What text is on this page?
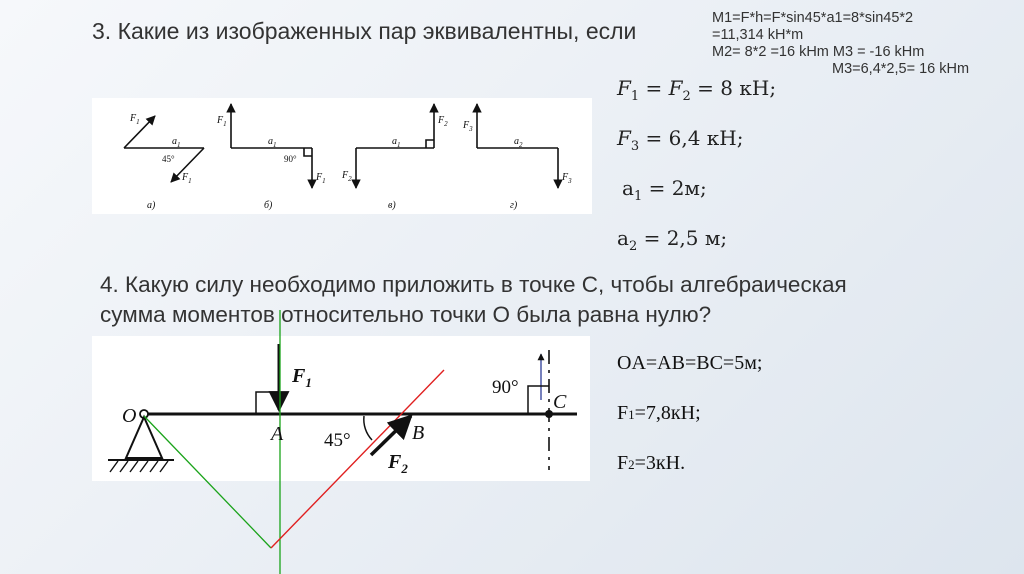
3. Какие из изображенных пар эквивалентны, если	М1=F*h=F*sin45*a1=8*sin45*2
=11,314 kH*m
M2= 8*2 =16 kHm M3 = -16 kHm
M3=6,4*2,5= 16 kHm
$F_1 = F_2 = 8$ кН;
$F_3 = 6,4$ кН;
$a_1 = 2м$;
$a_2 = 2,5$ м;
$F_1$
$a_1$
45°
$F_1$
а)
$F_1$
$a_1$
90°
$F_1$
б)
$F_2$
$a_1$
$F_2$
в)
$F_3$
$a_2$
$F_3$
г)
4. Какую силу необходимо приложить в точке С, чтобы алгебраическая
сумма моментов относительно точки О была равна нулю?
O
A	B
C
$F_1$
$F_2$
45°
90°
OA=AB=BC=5м;
F1=7,8кН;
F2=3кН.
